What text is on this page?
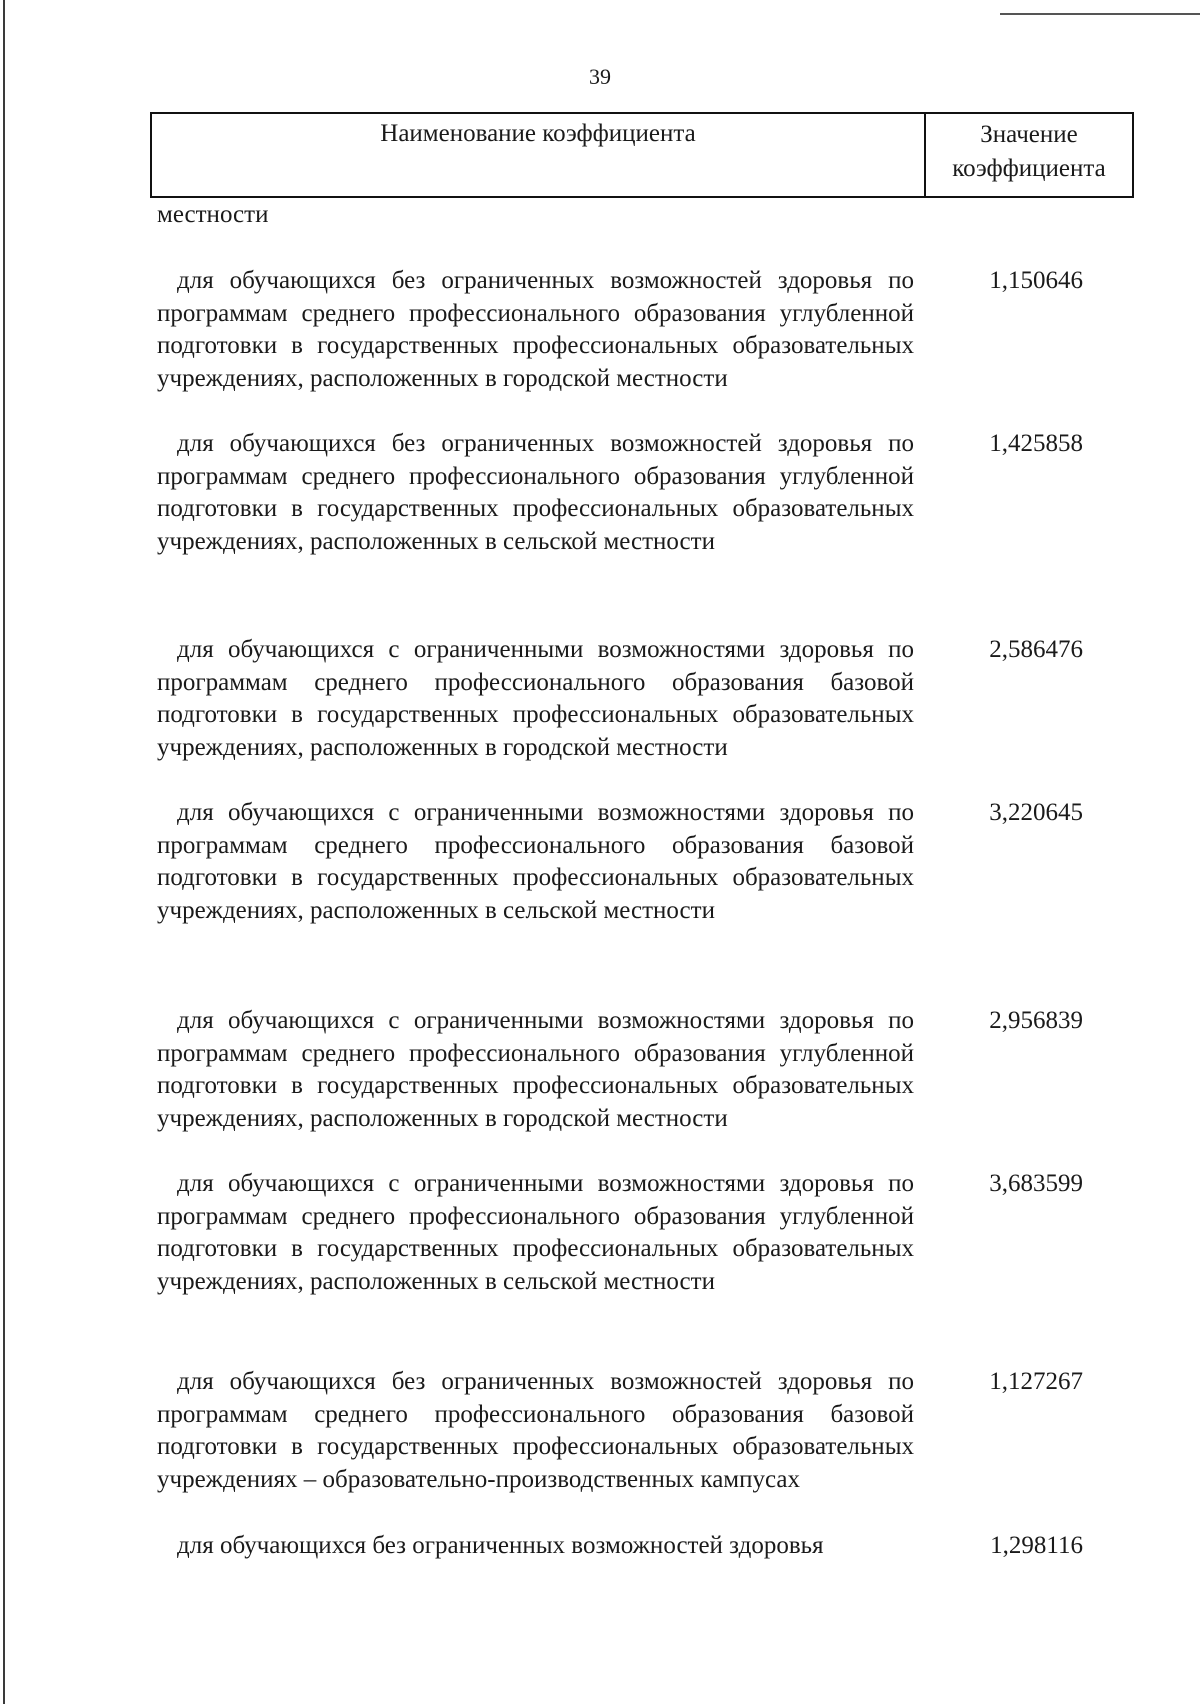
39
Наименование коэффициента	Значение
коэффициента
местности
для обучающихся без ограниченных возможностей здоровья по программам среднего профессионального образования углубленной подготовки в государственных профессиональных образовательных учреждениях, расположенных в городской местности
1,150646
для обучающихся без ограниченных возможностей здоровья по программам среднего профессионального образования углубленной подготовки в государственных профессиональных образовательных учреждениях, расположенных в сельской местности
1,425858
для обучающихся с ограниченными возможностями здоровья по программам среднего профессионального образования базовой подготовки в государственных профессиональных образовательных учреждениях, расположенных в городской местности
2,586476
для обучающихся с ограниченными возможностями здоровья по программам среднего профессионального образования базовой подготовки в государственных профессиональных образовательных учреждениях, расположенных в сельской местности
3,220645
для обучающихся с ограниченными возможностями здоровья по программам среднего профессионального образования углубленной подготовки в государственных профессиональных образовательных учреждениях, расположенных в городской местности
2,956839
для обучающихся с ограниченными возможностями здоровья по программам среднего профессионального образования углубленной подготовки в государственных профессиональных образовательных учреждениях, расположенных в сельской местности
3,683599
для обучающихся без ограниченных возможностей здоровья по программам среднего профессионального образования базовой подготовки в государственных профессиональных образовательных учреждениях – образовательно-производственных кампусах
1,127267
для обучающихся без ограниченных возможностей здоровья	1,298116
